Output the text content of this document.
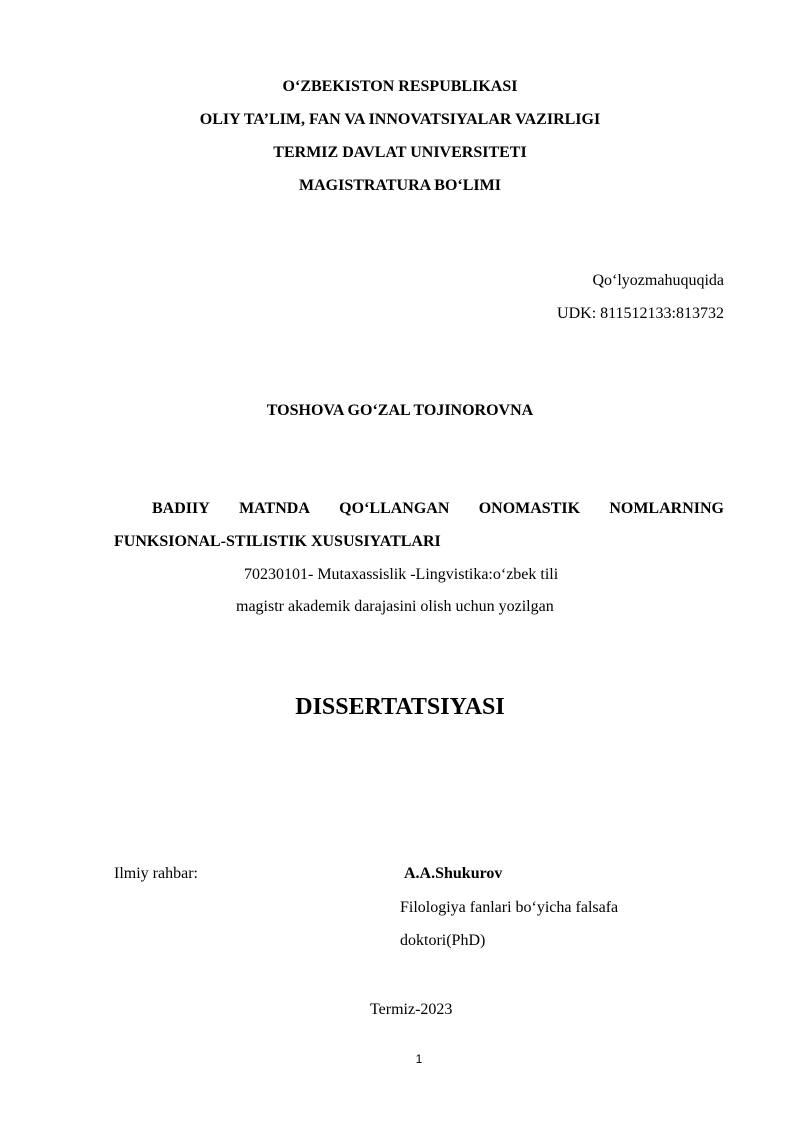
O‘ZBEKISTON RESPUBLIKASI
OLIY TA’LIM, FAN VA INNOVATSIYALAR VAZIRLIGI
TERMIZ DAVLAT UNIVERSITETI
MAGISTRATURA BO‘LIMI
Qo‘lyozmahuquqida
UDK: 811512133:813732
TOSHOVA GO‘ZAL TOJINOROVNA
BADIIY MATNDA QO‘LLANGAN ONOMASTIK NOMLARNING
FUNKSIONAL-STILISTIK XUSUSIYATLARI
70230101- Mutaxassislik -Lingvistika:o‘zbek tili
magistr akademik darajasini olish uchun yozilgan
DISSERTATSIYASI
Ilmiy rahbar:	A.A.Shukurov
Filologiya fanlari bo‘yicha falsafa
doktori(PhD)
Termiz-2023
1
